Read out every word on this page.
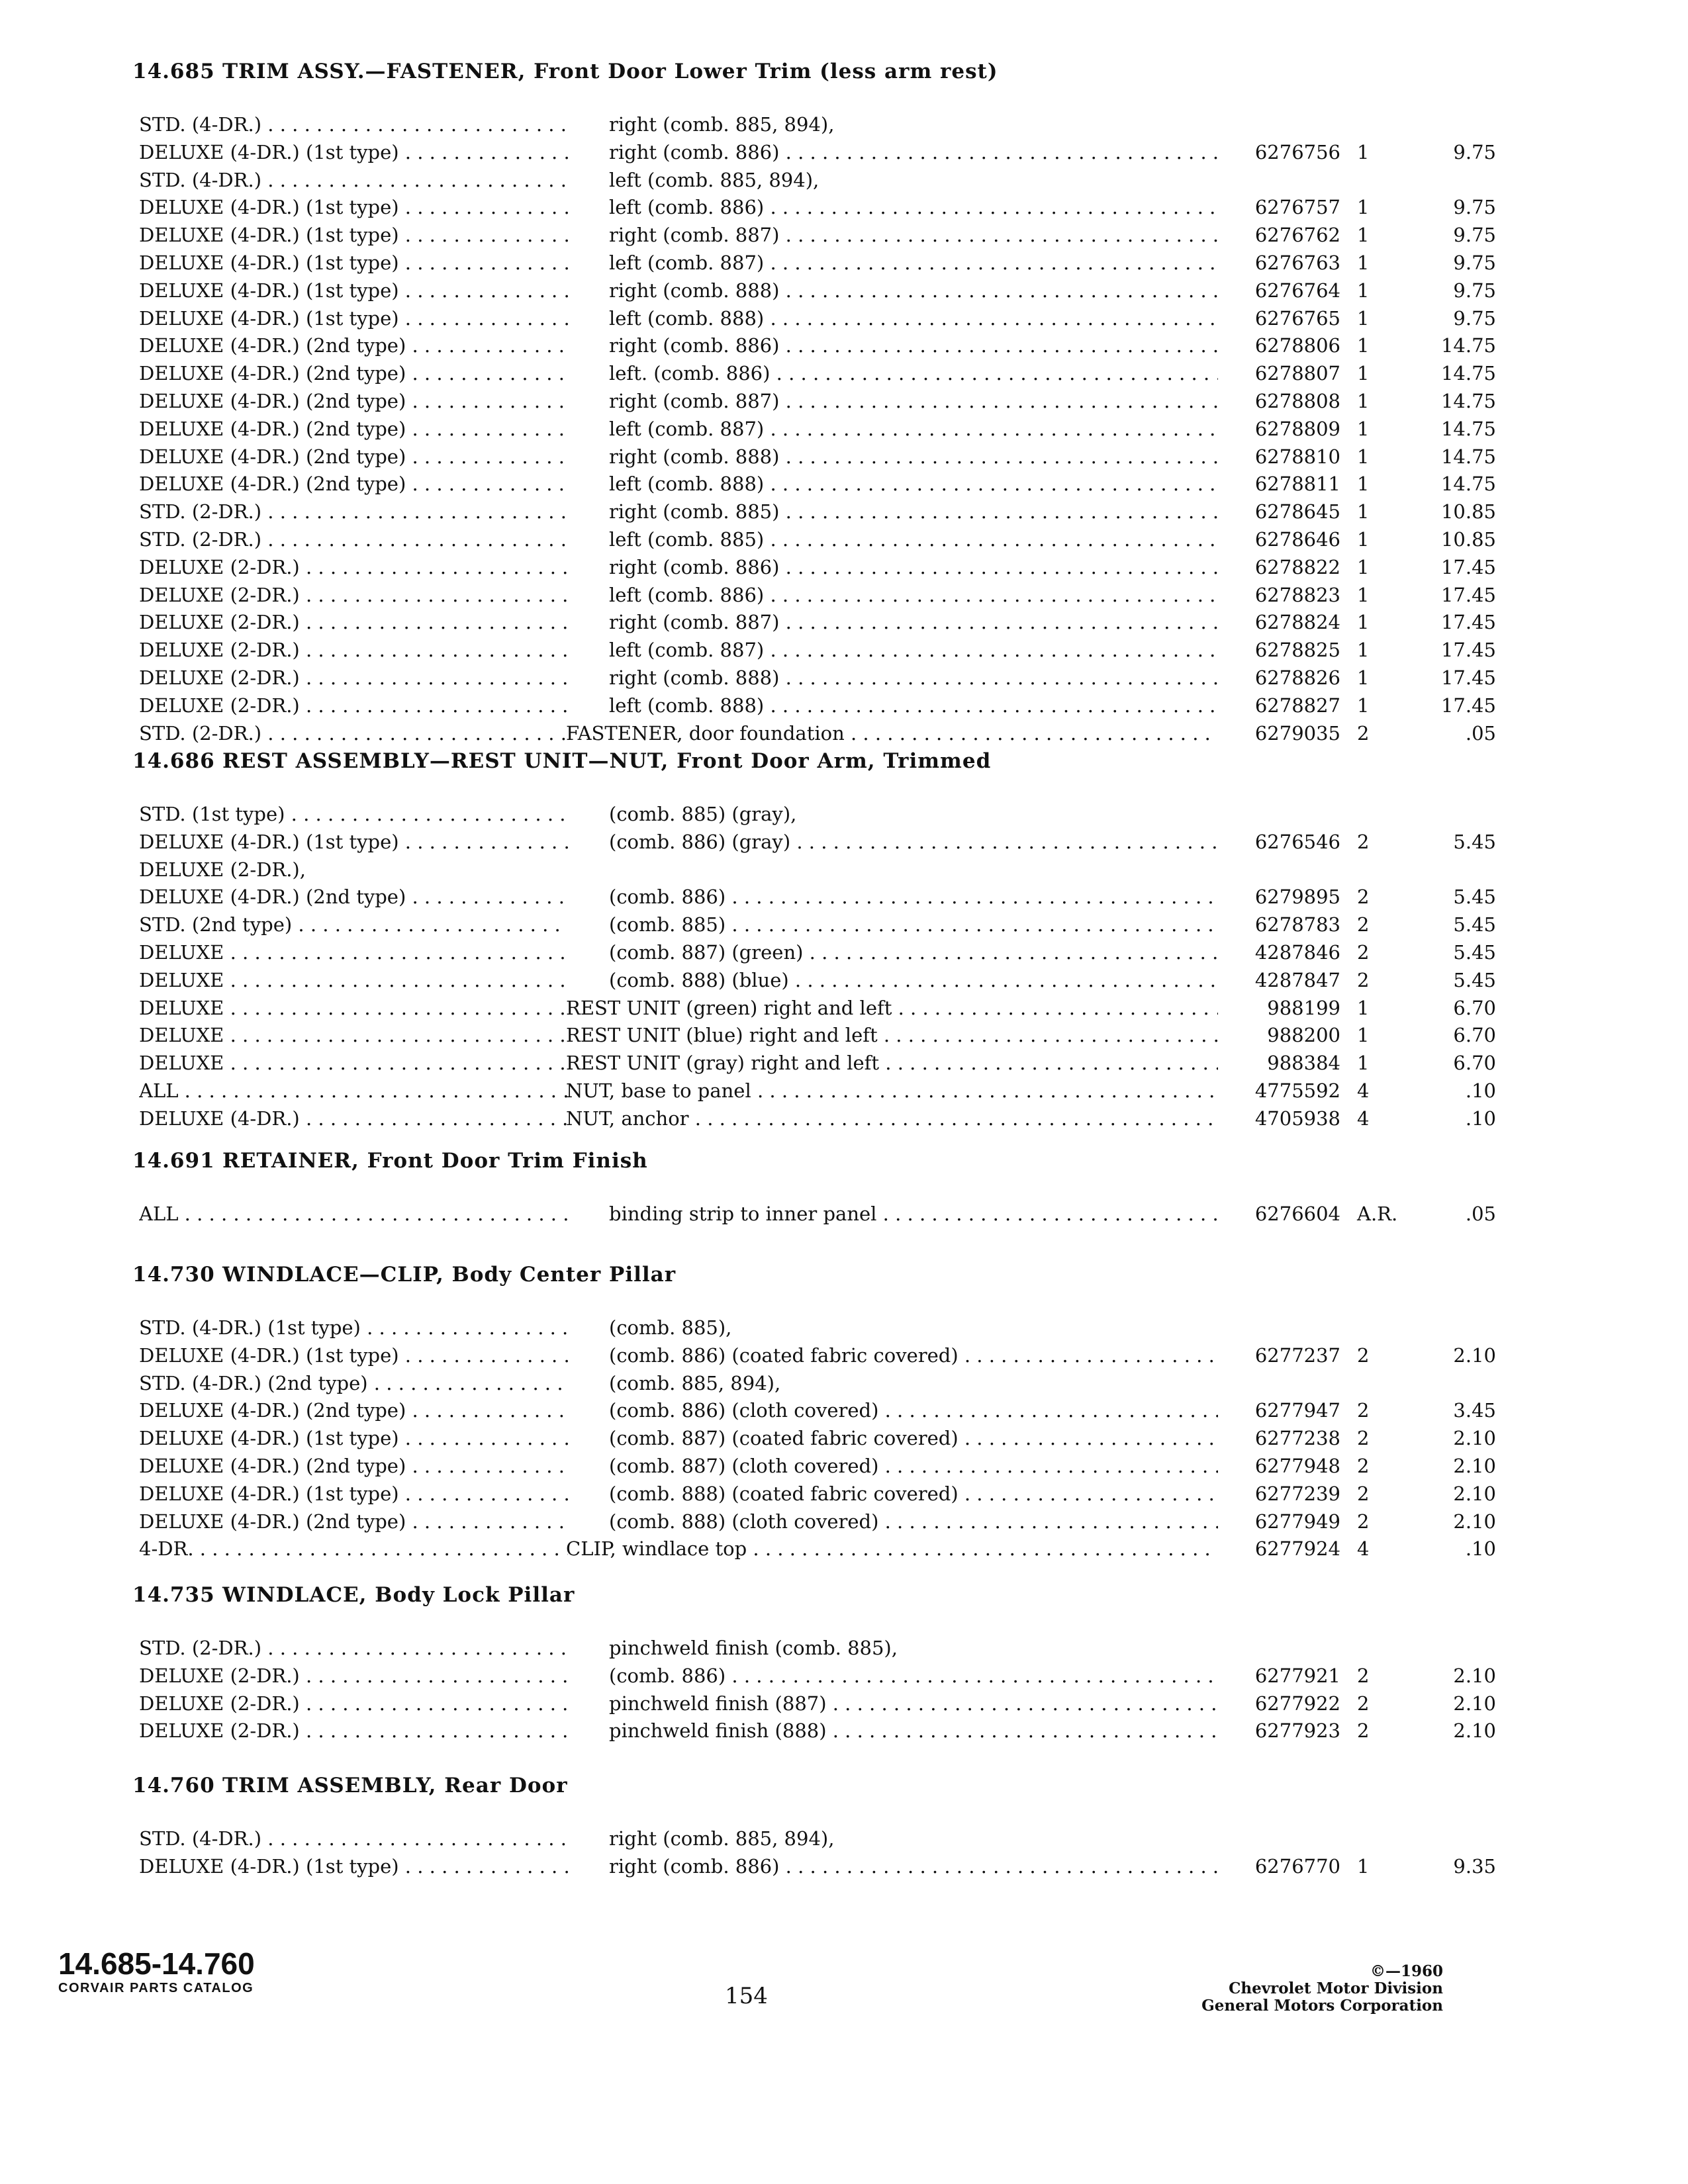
14.685 TRIM ASSY.—FASTENER, Front Door Lower Trim (less arm rest)
STD. (4-DR.) . . .	right (comb. 885, 894),
DELUXE (4-DR.) (1st type) . . .	right (comb. 886) . . .	6276756 1	9.75
STD. (4-DR.) . . .	left (comb. 885, 894),
DELUXE (4-DR.) (1st type) . . .	left (comb. 886) . . .	6276757 1	9.75
DELUXE (4-DR.) (1st type) . . .	right (comb. 887) . . .	6276762 1	9.75
DELUXE (4-DR.) (1st type) . . .	left (comb. 887) . . .	6276763 1	9.75
DELUXE (4-DR.) (1st type) . . .	right (comb. 888) . . .	6276764 1	9.75
DELUXE (4-DR.) (1st type) . . .	left (comb. 888) . . .	6276765 1	9.75
DELUXE (4-DR.) (2nd type) . . .	right (comb. 886) . . .	6278806 1	14.75
DELUXE (4-DR.) (2nd type) . . .	left. (comb. 886) . . .	6278807 1	14.75
DELUXE (4-DR.) (2nd type) . . .	right (comb. 887) . . .	6278808 1	14.75
DELUXE (4-DR.) (2nd type) . . .	left (comb. 887) . . .	6278809 1	14.75
DELUXE (4-DR.) (2nd type) . . .	right (comb. 888) . . .	6278810 1	14.75
DELUXE (4-DR.) (2nd type) . . .	left (comb. 888) . . .	6278811 1	14.75
STD. (2-DR.) . . .	right (comb. 885) . . .	6278645 1	10.85
STD. (2-DR.) . . .	left (comb. 885) . . .	6278646 1	10.85
DELUXE (2-DR.) . . .	right (comb. 886) . . .	6278822 1	17.45
DELUXE (2-DR.) . . .	left (comb. 886) . . .	6278823 1	17.45
DELUXE (2-DR.) . . .	right (comb. 887) . . .	6278824 1	17.45
DELUXE (2-DR.) . . .	left (comb. 887) . . .	6278825 1	17.45
DELUXE (2-DR.) . . .	right (comb. 888) . . .	6278826 1	17.45
DELUXE (2-DR.) . . .	left (comb. 888) . . .	6278827 1	17.45
STD. (2-DR.) . . .	FASTENER, door foundation . . .	6279035 2	.05
14.686 REST ASSEMBLY—REST UNIT—NUT, Front Door Arm, Trimmed
STD. (1st type) . . .	(comb. 885) (gray),
DELUXE (4-DR.) (1st type) . . .	(comb. 886) (gray) . . .	6276546 2	5.45
DELUXE (2-DR.),
DELUXE (4-DR.) (2nd type) . . .	(comb. 886) . . .	6279895 2	5.45
STD. (2nd type) . . .	(comb. 885) . . .	6278783 2	5.45
DELUXE . . .	(comb. 887) (green) . . .	4287846 2	5.45
DELUXE . . .	(comb. 888) (blue) . . .	4287847 2	5.45
DELUXE . . .	REST UNIT (green) right and left . . .	988199 1	6.70
DELUXE . . .	REST UNIT (blue) right and left . . .	988200 1	6.70
DELUXE . . .	REST UNIT (gray) right and left . . .	988384 1	6.70
ALL . . .	NUT, base to panel . . .	4775592 4	.10
DELUXE (4-DR.) . . .	NUT, anchor . . .	4705938 4	.10
14.691 RETAINER, Front Door Trim Finish
ALL . . .	binding strip to inner panel . . .	6276604 A.R.	.05
14.730 WINDLACE—CLIP, Body Center Pillar
STD. (4-DR.) (1st type) . . .	(comb. 885),
DELUXE (4-DR.) (1st type) . . .	(comb. 886) (coated fabric covered) . . .	6277237 2	2.10
STD. (4-DR.) (2nd type) . . .	(comb. 885, 894),
DELUXE (4-DR.) (2nd type) . . .	(comb. 886) (cloth covered) . . .	6277947 2	3.45
DELUXE (4-DR.) (1st type) . . .	(comb. 887) (coated fabric covered) . . .	6277238 2	2.10
DELUXE (4-DR.) (2nd type) . . .	(comb. 887) (cloth covered) . . .	6277948 2	2.10
DELUXE (4-DR.) (1st type) . . .	(comb. 888) (coated fabric covered) . . .	6277239 2	2.10
DELUXE (4-DR.) (2nd type) . . .	(comb. 888) (cloth covered) . . .	6277949 2	2.10
4-DR. . . .	CLIP, windlace top . . .	6277924 4	.10
14.735 WINDLACE, Body Lock Pillar
STD. (2-DR.) . . .	pinchweld finish (comb. 885),
DELUXE (2-DR.) . . .	(comb. 886) . . .	6277921 2	2.10
DELUXE (2-DR.) . . .	pinchweld finish (887) . . .	6277922 2	2.10
DELUXE (2-DR.) . . .	pinchweld finish (888) . . .	6277923 2	2.10
14.760 TRIM ASSEMBLY, Rear Door
STD. (4-DR.) . . .	right (comb. 885, 894),
DELUXE (4-DR.) (1st type) . . .	right (comb. 886) . . .	6276770 1	9.35
14.685-14.760
CORVAIR PARTS CATALOG	154
©—1960
Chevrolet Motor Division
General Motors Corporation
